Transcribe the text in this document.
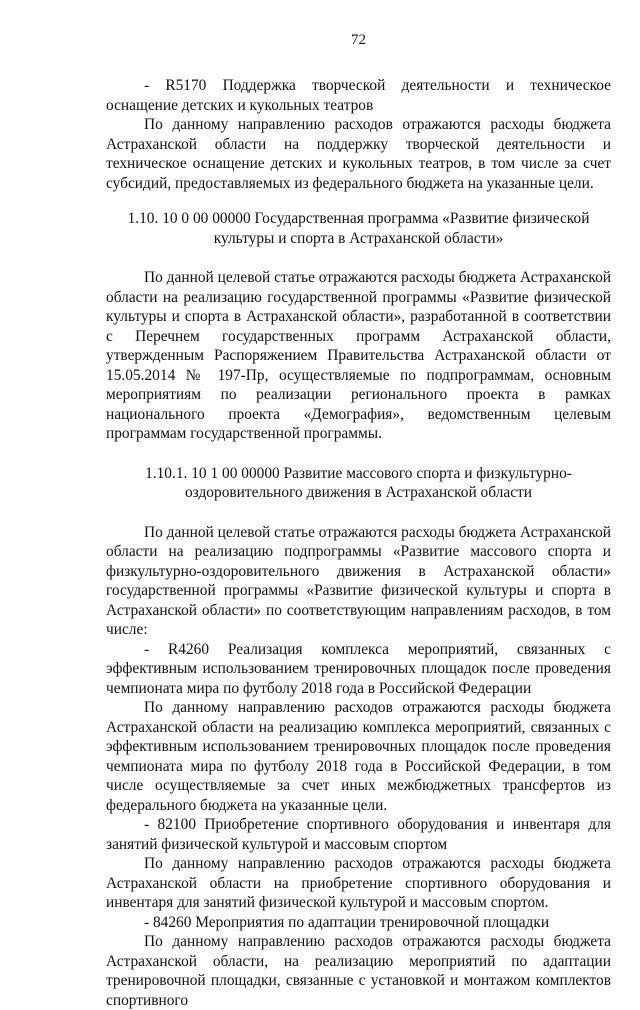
72

- R5170 Поддержка творческой деятельности и техническое оснащение детских и кукольных театров

По данному направлению расходов отражаются расходы бюджета Астраханской области на поддержку творческой деятельности и техническое оснащение детских и кукольных театров, в том числе за счет субсидий, предоставляемых из федерального бюджета на указанные цели.

1.10. 10 0 00 00000 Государственная программа «Развитие физической культуры и спорта в Астраханской области»

По данной целевой статье отражаются расходы бюджета Астраханской области на реализацию государственной программы «Развитие физической культуры и спорта в Астраханской области», разработанной в соответствии с Перечнем государственных программ Астраханской области, утвержденным Распоряжением Правительства Астраханской области от 15.05.2014 № 197-Пр, осуществляемые по подпрограммам, основным мероприятиям по реализации регионального проекта в рамках национального проекта «Демография», ведомственным целевым программам государственной программы.

1.10.1. 10 1 00 00000 Развитие массового спорта и физкультурно-оздоровительного движения в Астраханской области

По данной целевой статье отражаются расходы бюджета Астраханской области на реализацию подпрограммы «Развитие массового спорта и физкультурно-оздоровительного движения в Астраханской области» государственной программы «Развитие физической культуры и спорта в Астраханской области» по соответствующим направлениям расходов, в том числе:

- R4260 Реализация комплекса мероприятий, связанных с эффективным использованием тренировочных площадок после проведения чемпионата мира по футболу 2018 года в Российской Федерации

По данному направлению расходов отражаются расходы бюджета Астраханской области на реализацию комплекса мероприятий, связанных с эффективным использованием тренировочных площадок после проведения чемпионата мира по футболу 2018 года в Российской Федерации, в том числе осуществляемые за счет иных межбюджетных трансфертов из федерального бюджета на указанные цели.

- 82100 Приобретение спортивного оборудования и инвентаря для занятий физической культурой и массовым спортом

По данному направлению расходов отражаются расходы бюджета Астраханской области на приобретение спортивного оборудования и инвентаря для занятий физической культурой и массовым спортом.

- 84260 Мероприятия по адаптации тренировочной площадки

По данному направлению расходов отражаются расходы бюджета Астраханской области, на реализацию мероприятий по адаптации тренировочной площадки, связанные с установкой и монтажом комплектов спортивного
